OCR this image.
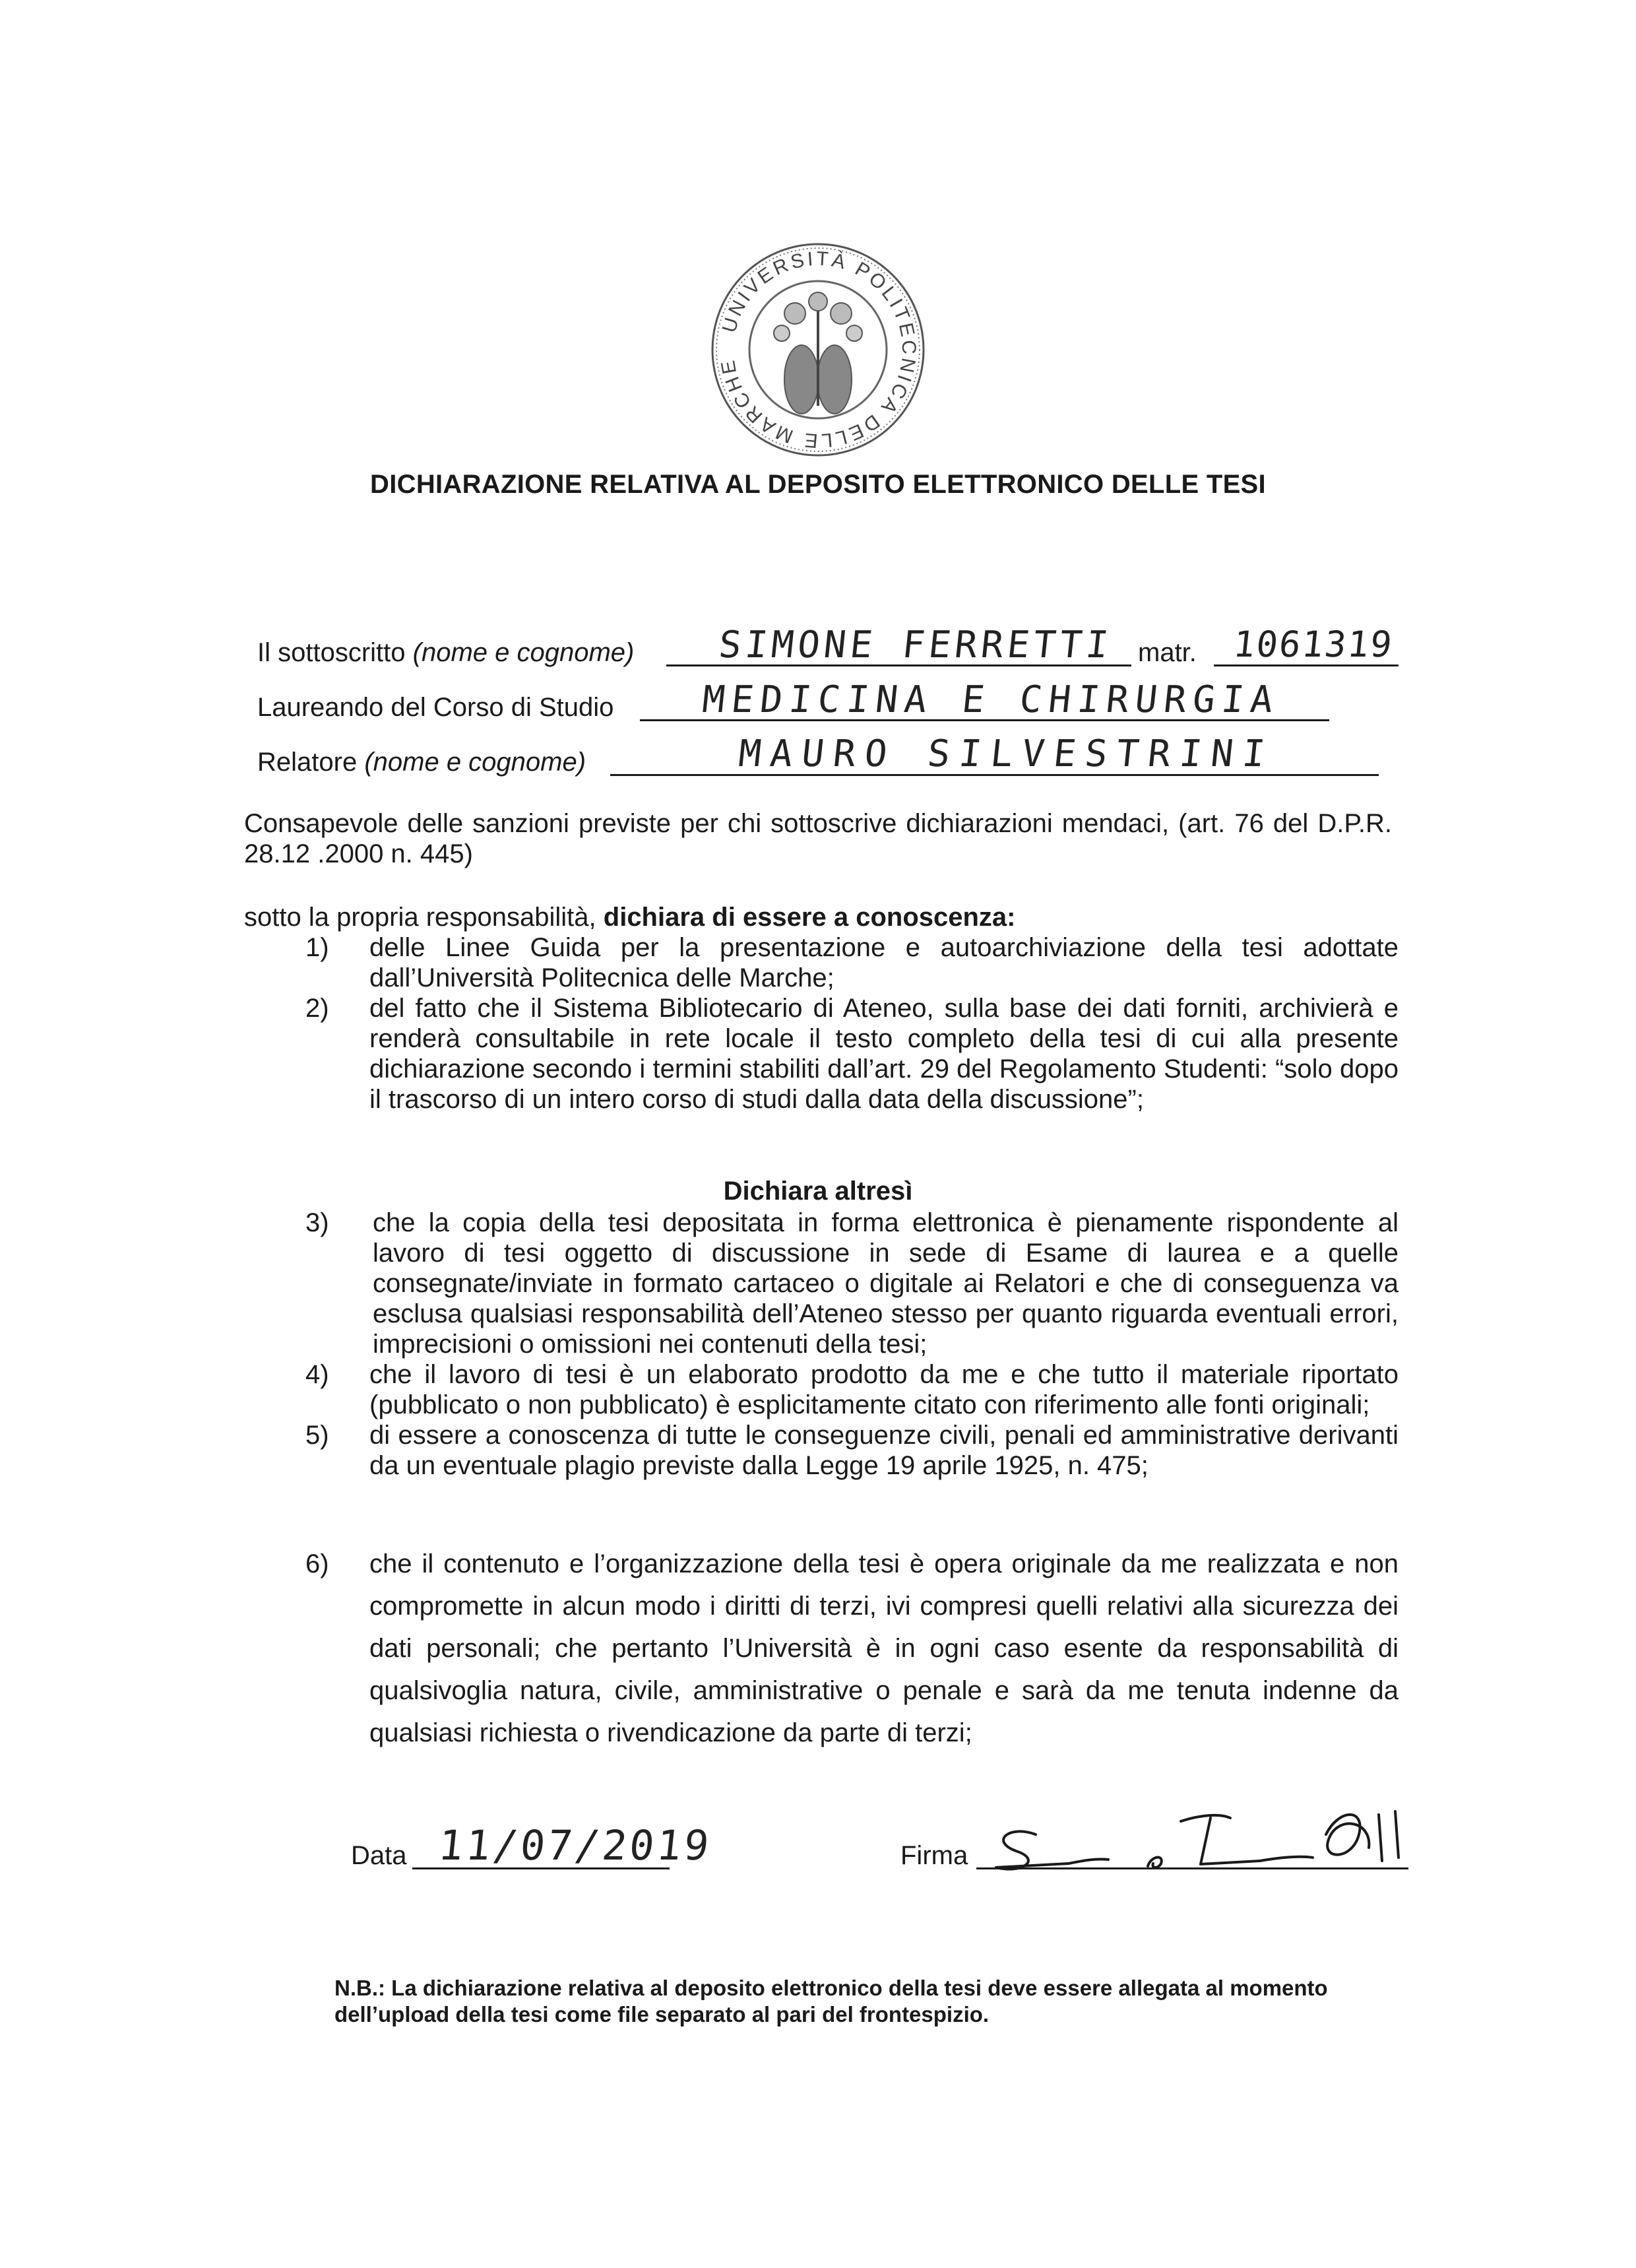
UNIVERSITÀ POLITECNICA DELLE MARCHE
DICHIARAZIONE RELATIVA AL DEPOSITO ELETTRONICO DELLE TESI
Il sottoscritto (nome e cognome) SIMONE FERRETTI matr. 1061319
Laureando del Corso di Studio MEDICINA E CHIRURGIA
Relatore (nome e cognome)	MAURO SILVESTRINI
Consapevole delle sanzioni previste per chi sottoscrive dichiarazioni mendaci, (art. 76 del D.P.R. 28.12 .2000 n. 445)
sotto la propria responsabilità, dichiara di essere a conoscenza:
1) delle Linee Guida per la presentazione e autoarchiviazione della tesi adottate dall’Università Politecnica delle Marche;
2) del fatto che il Sistema Bibliotecario di Ateneo, sulla base dei dati forniti, archivierà e renderà consultabile in rete locale il testo completo della tesi di cui alla presente dichiarazione secondo i termini stabiliti dall’art. 29 del Regolamento Studenti: “solo dopo il trascorso di un intero corso di studi dalla data della discussione”;
Dichiara altresì
3) che la copia della tesi depositata in forma elettronica è pienamente rispondente al lavoro di tesi oggetto di discussione in sede di Esame di laurea e a quelle consegnate/inviate in formato cartaceo o digitale ai Relatori e che di conseguenza va esclusa qualsiasi responsabilità dell’Ateneo stesso per quanto riguarda eventuali errori, imprecisioni o omissioni nei contenuti della tesi;
4) che il lavoro di tesi è un elaborato prodotto da me e che tutto il materiale riportato (pubblicato o non pubblicato) è esplicitamente citato con riferimento alle fonti originali;
5) di essere a conoscenza di tutte le conseguenze civili, penali ed amministrative derivanti da un eventuale plagio previste dalla Legge 19 aprile 1925, n. 475;
6) che il contenuto e l’organizzazione della tesi è opera originale da me realizzata e non compromette in alcun modo i diritti di terzi, ivi compresi quelli relativi alla sicurezza dei dati personali; che pertanto l’Università è in ogni caso esente da responsabilità di qualsivoglia natura, civile, amministrative o penale e sarà da me tenuta indenne da qualsiasi richiesta o rivendicazione da parte di terzi;
Data 11/07/2019	Firma
N.B.: La dichiarazione relativa al deposito elettronico della tesi deve essere allegata al momento dell’upload della tesi come file separato al pari del frontespizio.
